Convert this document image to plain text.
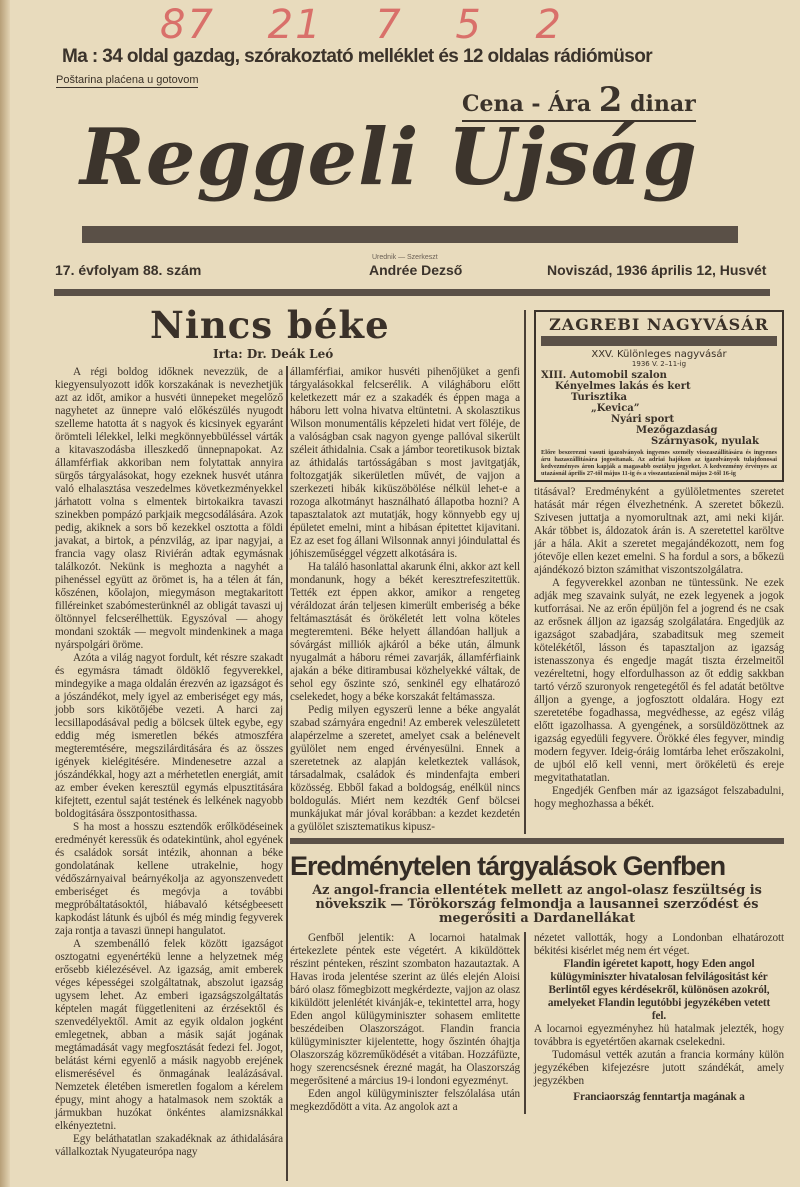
87 21 7 5 2
Ma : 34 oldal gazdag, szórakoztató melléklet és 12 oldalas rádiómüsor
Poštarina plaćena u gotovom
Cena - Ára 2 dinar
Reggeli Ujság
17. évfolyam 88. szám
Urednik — Szerkeszt
Andrée Dezső	Noviszád, 1936 április 12, Husvét
Nincs béke
Irta: Dr. Deák Leó

A régi boldog időknek nevezzük, de a kiegyensulyozott idők korszakának is nevezhetjük azt az időt, amikor a husvéti ünnepeket megelőző nagyhetet az ünnepre való előkészülés nyugodt szelleme hatotta át s nagyok és kicsinyek egyaránt örömteli lélekkel, lelki megkönnyebbüléssel várták a kitavaszodásba illeszkedő ünnepnapokat. Az államférfiak akkoriban nem folytattak annyira sürgős tárgyalásokat, hogy ezeknek husvét utánra való elhalasztása veszedelmes következményekkel járhatott volna s elmentek birtokaikra tavaszi szinekben pompázó parkjaik megcsodálására. Azok pedig, akiknek a sors bő kezekkel osztotta a földi javakat, a birtok, a pénzvilág, az ipar nagyjai, a francia vagy olasz Riviérán adtak egymásnak találkozót. Nekünk is meghozta a nagyhét a pihenéssel együtt az örömet is, ha a télen át fán, kőszénen, kőolajon, miegymáson megtakaritott filléreinket szabómesterünknél az obligát tavaszi uj öltönnyel felcserélhettük. Egyszóval — ahogy mondani szokták — megvolt mindenkinek a maga nyárspolgári öröme.

Azóta a világ nagyot fordult, két részre szakadt és egymásra támadt öldöklő fegyverekkel, mindegyike a maga oldalán érezvén az igazságot és a jószándékot, mely igyel az emberiséget egy más, jobb sors kikötőjébe vezeti. A harci zaj lecsillapodásával pedig a bölcsek ültek egybe, egy eddig még ismeretlen békés atmoszféra megteremtésére, megszilárditására és az összes igények kielégitésére. Mindenesetre azzal a jószándékkal, hogy azt a mérhetetlen energiát, amit az ember éveken keresztül egymás elpusztitására kifejtett, ezentul saját testének és lelkének nagyobb boldogitására összpontosithassa.

S ha most a hosszu esztendők erőlködéseinek eredményét keressük és odatekintünk, ahol egyének és családok sorsát intézik, ahonnan a béke gondolatának kellene utrakelnie, hogy védőszárnyaival beárnyékolja az agyonszenvedett emberiséget és megóvja a további megpróbáltatásoktól, hiábavaló kétségbeesett kapkodást látunk és ujból és még mindig fegyverek zaja rontja a tavaszi ünnepi hangulatot.

A szembenálló felek között igazságot osztogatni egyenértékü lenne a helyzetnek még erősebb kiélezésével. Az igazság, amit emberek véges képességei szolgáltatnak, abszolut igazság ugysem lehet. Az emberi igazságszolgáltatás képtelen magát függetleniteni az érzésektől és szenvedélyektől. Amit az egyik oldalon jogként emlegetnek, abban a másik saját jogának megtámadását vagy megfosztását fedezi fel. Jogot, belátást kérni egyenlő a másik nagyobb erejének elismerésével és önmagának lealázásával. Nemzetek életében ismeretlen fogalom a kérelem épugy, mint ahogy a hatalmasok nem szokták a jármukban huzókat önkéntes alamizsnákkal elkényeztetni.

Egy beláthatatlan szakadéknak az áthidalására vállalkoztak Nyugateurópa nagy

államférfiai, amikor husvéti pihenőjüket a genfi tárgyalásokkal felcserélik. A világháboru előtt keletkezett már ez a szakadék és éppen maga a háboru lett volna hivatva eltüntetni. A skolasztikus Wilson monumentális képzeleti hidat vert föléje, de a valóságban csak nagyon gyenge pallóval sikerült széleit áthidalnia. Csak a jámbor teoretikusok biztak az áthidalás tartósságában s most javitgatják, foltozgatják sikerületlen művét, de vajjon a szerkezeti hibák kiküszöbölése nélkül lehet-e a rozoga alkotmányt használható állapotba hozni? A tapasztalatok azt mutatják, hogy könnyebb egy uj épületet emelni, mint a hibásan épitettet kijavitani. Ez az eset fog állani Wilsonnak annyi jóindulattal és jóhiszeműséggel végzett alkotására is.

Ha találó hasonlattal akarunk élni, akkor azt kell mondanunk, hogy a békét keresztrefeszitettük. Tették ezt éppen akkor, amikor a rengeteg véráldozat árán teljesen kimerült emberiség a béke feltámasztását és örökéletét lett volna köteles megteremteni. Béke helyett állandóan halljuk a sóvárgást milliók ajkáról a béke után, álmunk nyugalmát a háboru rémei zavarják, államférfiaink ajakán a béke ditirambusai közhelyekké váltak, de sehol egy őszinte szó, senkinél egy elhatározó cselekedet, hogy a béke korszakát feltámassza.

Pedig milyen egyszerü lenne a béke angyalát szabad szárnyára engedni! Az emberek veleszületett alapérzelme a szeretet, amelyet csak a belénevelt gyülölet nem enged érvényesülni. Ennek a szeretetnek az alapján keletkeztek vallások, társadalmak, családok és mindenfajta emberi közösség. Ebből fakad a boldogság, enélkül nincs boldogulás. Miért nem kezdték Genf bölcsei munkájukat már jóval korábban: a kezdet kezdetén a gyülölet szisztematikus kipusz-

ZAGREBI NAGYVÁSÁR
XXV. Különleges nagyvásár
1936 V. 2–11-ig
XIII. Automobil szalon
Kényelmes lakás és kert
Turisztika
„Kevica”
Nyári sport
Mezőgazdaság
Szárnyasok, nyulak
Előre beszerezni vasuti igazolványok ingyenes személy visszaszállitására és ingyenes áru hazaszállitására jogositanak. Az adriai hajókon az igazolványok tulajdonosai kedvezményes áron kapják a magasabb osztályu jegyeket. A kedvezmény érvényes az utazásnál április 27-től május 11-ig és a visszautazásnál május 2-től 16-ig

titásával? Eredményként a gyülöletmentes szeretet hatását már régen élvezhetnénk. A szeretet bőkezü. Szivesen juttatja a nyomorultnak azt, ami neki kijár. Akár többet is, áldozatok árán is. A szeretettel karöltve jár a hála. Akit a szeretet megajándékozott, nem fog jótevője ellen kezet emelni. S ha fordul a sors, a bőkezü ajándékozó bizton számithat viszontszolgálatra.

A fegyverekkel azonban ne tüntessünk. Ne ezek adják meg szavaink sulyát, ne ezek legyenek a jogok kutforrásai. Ne az erőn épüljön fel a jogrend és ne csak az erősnek álljon az igazság szolgálatára. Engedjük az igazságot szabadjára, szabaditsuk meg szemeit kötelékétől, lásson és tapasztaljon az igazság istenasszonya és engedje magát tiszta érzelmeitől vezéreltetni, hogy elfordulhasson az őt eddig sakkban tartó vérző szuronyok rengetegétől és fel adatát betöltve álljon a gyenge, a jogfosztott oldalára. Hogy ezt szeretetébe fogadhassa, megvédhesse, az egész világ előtt igazolhassa. A gyengének, a sorsüldözöttnek az igazság egyedüli fegyvere. Örökké éles fegyver, mindig modern fegyver. Ideig-óráig lomtárba lehet erőszakolni, de ujból elő kell venni, mert örökéletü és ereje megvitathatatlan.

Engedjék Genfben már az igazságot felszabadulni, hogy meghozhassa a békét.

Eredménytelen tárgyalások Genfben
Az angol-francia ellentétek mellett az angol-olasz feszültség is növekszik — Törökország felmondja a lausannei szerződést és megerősiti a Dardanellákat

Genfből jelentik: A locarnoi hatalmak értekezlete péntek este végetért. A kiküldöttek részint pénteken, részint szombaton hazautaztak. A Havas iroda jelentése szerint az ülés elején Aloisi báró olasz főmegbizott megkérdezte, vajjon az olasz kiküldött jelenlétét kivánják-e, tekintettel arra, hogy Eden angol külügyminiszter sohasem emlitette beszédeiben Olaszországot. Flandin francia külügyminiszter kijelentette, hogy őszintén óhajtja Olaszország közreműködését a vitában. Hozzáfüzte, hogy szerencsésnek érezné magát, ha Olaszország megerősitené a március 19-i londoni egyezményt.

Eden angol külügyminiszter felszólalása után megkezdődött a vita. Az angolok azt a

nézetet vallották, hogy a Londonban elhatározott békitési kisérlet még nem ért véget.

Flandin igéretet kapott, hogy Eden angol külügyminiszter hivatalosan felvilágositást kér Berlintől egyes kérdésekről, különösen azokról, amelyeket Flandin legutóbbi jegyzékében vetett fel.

A locarnoi egyezményhez hü hatalmak jelezték, hogy továbbra is egyetértően akarnak cselekedni.

Tudomásul vették azután a francia kormány külön jegyzékében kifejezésre jutott szándékát, amely jegyzékben

Franciaország fenntartja magának a
